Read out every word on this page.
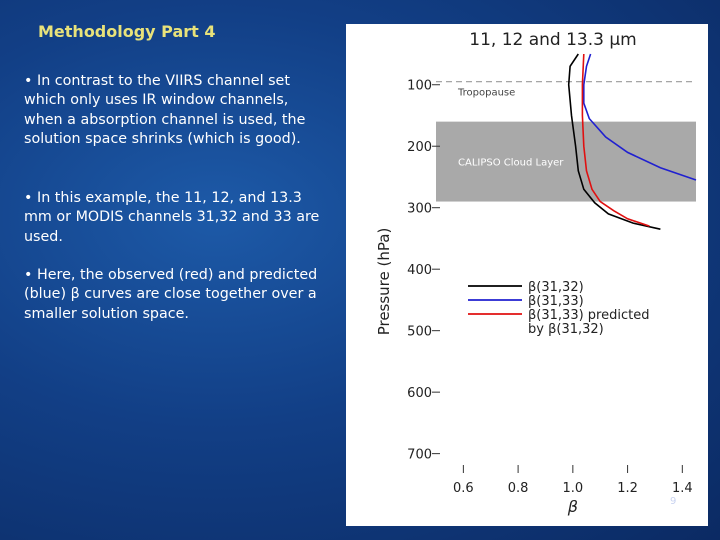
Methodology Part 4

• In contrast to the VIIRS channel set which only uses IR window channels, when a absorption channel is used, the solution space shrinks (which is good).

• In this example, the 11, 12, and 13.3 mm or MODIS channels 31,32 and 33 are used.

• Here, the observed (red) and predicted (blue) β curves are close together over a smaller solution space.

11, 12 and 13.3 μm
Tropopause
CALIPSO Cloud Layer
100
200
300
400
500
600
700
0.6	0.8	1.0	1.2	1.4
Pressure (hPa)
β
β(31,32)
β(31,33)
β(31,33) predicted
by β(31,32)
9
